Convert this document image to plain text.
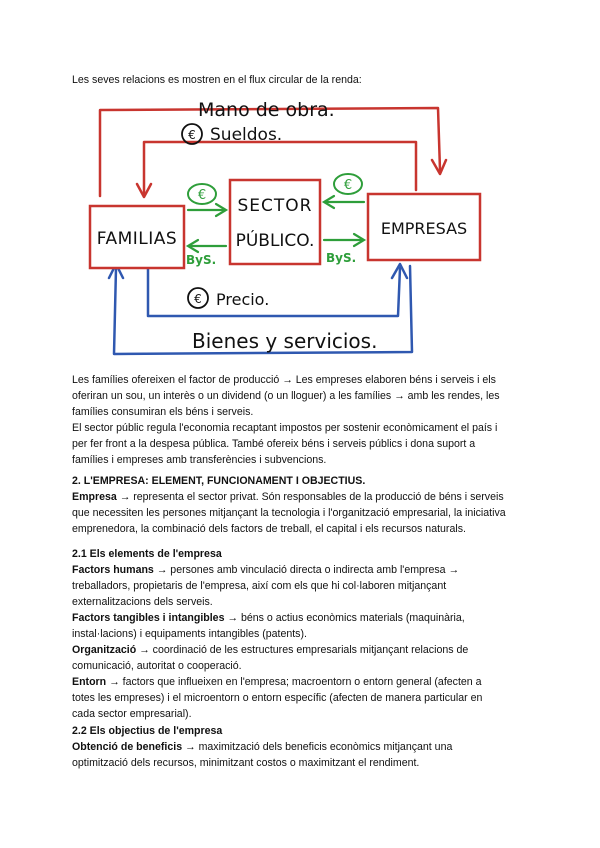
Les seves relacions es mostren en el flux circular de la renda:
FAMILIAS
SECTOR
PÚBLICO.
EMPRESAS
€
€
ByS.	ByS.
Mano de obra.
€ Sueldos.
€ Precio.
Bienes y servicios.

Les famílies ofereixen el factor de producció → Les empreses elaboren béns i serveis i els

oferiran un sou, un interès o un dividend (o un lloguer) a les famílies → amb les rendes, les

famílies consumiran els béns i serveis.

El sector públic regula l'economia recaptant impostos per sostenir econòmicament el país i

per fer front a la despesa pública. També ofereix béns i serveis públics i dona suport a

famílies i empreses amb transferències i subvencions.

2. L'EMPRESA: ELEMENT, FUNCIONAMENT I OBJECTIUS.

Empresa → representa el sector privat. Són responsables de la producció de béns i serveis

que necessiten les persones mitjançant la tecnologia i l'organització empresarial, la iniciativa

emprenedora, la combinació dels factors de treball, el capital i els recursos naturals.

2.1 Els elements de l'empresa

Factors humans → persones amb vinculació directa o indirecta amb l'empresa →

treballadors, propietaris de l'empresa, així com els que hi col·laboren mitjançant

externalitzacions dels serveis.

Factors tangibles i intangibles → béns o actius econòmics materials (maquinària,

instal·lacions) i equipaments intangibles (patents).

Organització → coordinació de les estructures empresarials mitjançant relacions de

comunicació, autoritat o cooperació.

Entorn → factors que influeixen en l'empresa; macroentorn o entorn general (afecten a

totes les empreses) i el microentorn o entorn específic (afecten de manera particular en

cada sector empresarial).

2.2 Els objectius de l'empresa

Obtenció de beneficis → maximització dels beneficis econòmics mitjançant una

optimització dels recursos, minimitzant costos o maximitzant el rendiment.
